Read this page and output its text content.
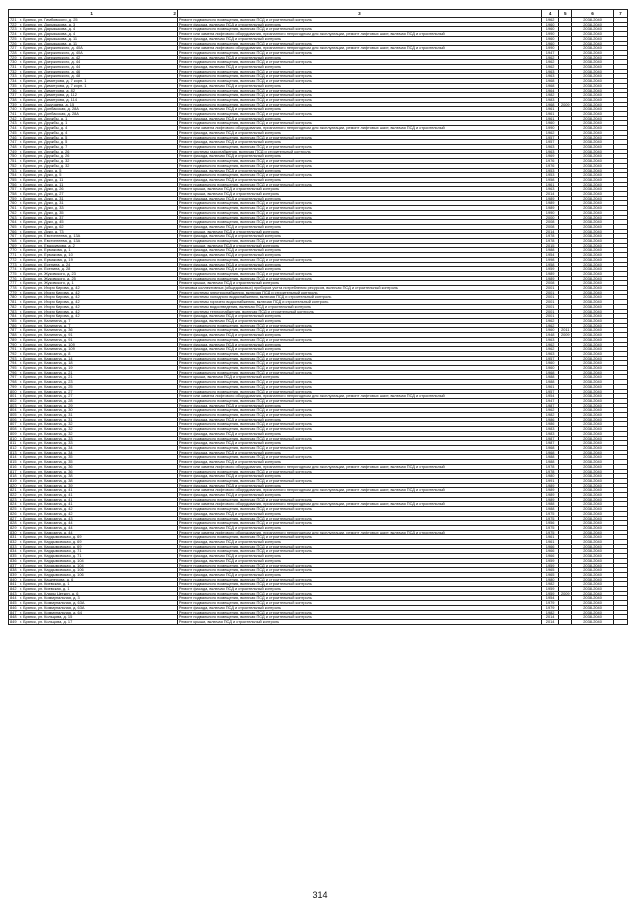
1 2	3	4	5	6	7
721 г. Брянск, ул. Гимбовского, д. 25	Ремонт подвального помещения, включая ПСД и строительный контроль	1962		2038-2040	
722 г. Брянск, ул. Дарьяшкова, д. 3	Ремонт фасада, включая ПСД и строительный контроль	1960		2038-2040	
723 г. Брянск, ул. Дарьяшкова, д. 4	Ремонт подвального помещения, включая ПСД и строительный контроль	1960		2038-2040	
724 г. Брянск, ул. Дарьяшкова, д. 4	Ремонт или замена лифтового оборудования, признанного непригодным для эксплуатации, ремонт лифтовых шахт, включая ПСД и строительный	1990		2038-2040	
725 г. Брянск, ул. Дарьяшкова, д. 11	Ремонт фасада, включая ПСД и строительный контроль	1960		2038-2040	
726 г. Брянск, ул. Дарьяшкова, д. 11	Ремонт подвального помещения, включая ПСД и строительный контроль	1960		2038-2040	
727 г. Брянск, ул. Дзержинского, д. 40А	Ремонт или замена лифтового оборудования, признанного непригодным для эксплуатации, ремонт лифтовых шахт, включая ПСД и строительный	1990		2038-2040	
728 г. Брянск, ул. Дзержинского, д. 40А	Ремонт подвального помещения, включая ПСД и строительный контроль	1947		2038-2040	
729 г. Брянск, ул. Дзержинского, д. 42	Ремонт фасада, включая ПСД и строительный контроль	1962		2038-2040	
730 г. Брянск, ул. Дзержинского, д. 44	Ремонт подвального помещения, включая ПСД и строительный контроль	1962		2038-2040	
731 г. Брянск, ул. Дзержинского, д. 44	Ремонт фасада, включая ПСД и строительный контроль	1962		2038-2040	
732 г. Брянск, ул. Дзержинского, д. 46	Ремонт подвального помещения, включая ПСД и строительный контроль	1963		2038-2040	
733 г. Брянск, ул. Дзержинского, д. 48	Ремонт подвального помещения, включая ПСД и строительный контроль	1963		2038-2040	
734 г. Брянск, ул. Димитрова, д. 7 корп. 1	Ремонт подвального помещения, включая ПСД и строительный контроль	1968		2038-2040	
735 г. Брянск, ул. Димитрова, д. 7 корп. 1	Ремонт фасада, включая ПСД и строительный контроль	1968		2038-2040	
736 г. Брянск, ул. Димитрова, д. 82	Ремонт подвального помещения, включая ПСД и строительный контроль	1964		2038-2040	
737 г. Брянск, ул. Димитрова, д. 112	Ремонт подвального помещения, включая ПСД и строительный контроль	1982		2038-2040	
738 г. Брянск, ул. Димитрова, д. 114	Ремонт подвального помещения, включая ПСД и строительный контроль	1983		2038-2040	
739 г. Брянск, ул. Докучаева, д. 15	Ремонт подвального помещения, включая ПСД и строительный контроль	1968	2009	2038-2040	
740 г. Брянск, ул. Донбасская, д. 28А	Ремонт фасада, включая ПСД и строительный контроль	1961		2038-2040	
741 г. Брянск, ул. Донбасская, д. 28А	Ремонт подвального помещения, включая ПСД и строительный контроль	1961		2038-2040	
742 г. Брянск, ул. Дружбы, д. 1	Ремонт фасада, включая ПСД и строительный контроль	1961		2038-2040	
743 г. Брянск, ул. Дружбы, д. 1	Ремонт подвального помещения, включая ПСД и строительный контроль	1960		2038-2040	
744 г. Брянск, ул. Дружбы, д. 4	Ремонт или замена лифтового оборудования, признанного непригодным для эксплуатации, ремонт лифтовых шахт, включая ПСД и строительный	1990		2038-2040	
745 г. Брянск, ул. Дружбы, д. 4	Ремонт фасада, включая ПСД и строительный контроль	1962		2038-2040	
746 г. Брянск, ул. Дружбы, д. 5	Ремонт подвального помещения, включая ПСД и строительный контроль	1957		2038-2040	
747 г. Брянск, ул. Дружбы, д. 5	Ремонт фасада, включая ПСД и строительный контроль	1957		2038-2040	
748 г. Брянск, ул. Дружбы, д. 7	Ремонт подвального помещения, включая ПСД и строительный контроль	1963		2038-2040	
749 г. Брянск, ул. Дружбы, д. 26	Ремонт системы газоснабжения, включая ПСД и строительный контроль	1963		2038-2040	
750 г. Брянск, ул. Дружбы, д. 26	Ремонт фасада, включая ПСД и строительный контроль	1969		2038-2040	
751 г. Брянск, ул. Дружбы, д. 32	Ремонт подвального помещения, включая ПСД и строительный контроль	1976		2038-2040	
752 г. Брянск, ул. Дружбы, д. 32	Ремонт подвального помещения, включая ПСД и строительный контроль	1976		2038-2040	
753 г. Брянск, ул. Дуки, д. 5	Ремонт фасада, включая ПСД и строительный контроль	1953		2038-2040	
754 г. Брянск, ул. Дуки, д. 5	Ремонт подвального помещения, включая ПСД и строительный контроль	1953		2038-2040	
755 г. Брянск, ул. Дуки, д. 11	Ремонт фасада, включая ПСД и строительный контроль	1958		2038-2040	
756 г. Брянск, ул. Дуки, д. 11	Ремонт подвального помещения, включая ПСД и строительный контроль	1961		2038-2040	
757 г. Брянск, ул. Дуки, д. 26	Ремонт крыши, включая ПСД и строительный контроль	1963		2038-2040	
758 г. Брянск, ул. Дуки, д. 27	Ремонт крыши, включая ПСД и строительный контроль	2014		2038-2040	
759 г. Брянск, ул. Дуки, д. 31	Ремонт фасада, включая ПСД и строительный контроль	1989		2038-2040	
760 г. Брянск, ул. Дуки, д. 31	Ремонт подвального помещения, включая ПСД и строительный контроль	1989		2038-2040	
761 г. Брянск, ул. Дуки, д. 33	Ремонт подвального помещения, включая ПСД и строительный контроль	1989		2038-2040	
762 г. Брянск, ул. Дуки, д. 35	Ремонт подвального помещения, включая ПСД и строительный контроль	1990		2038-2040	
763 г. Брянск, ул. Дуки, д. 37	Ремонт подвального помещения, включая ПСД и строительный контроль	2000		2038-2040	
764 г. Брянск, ул. Дуки, д. 45	Ремонт подвального помещения, включая ПСД и строительный контроль	2008		2038-2040	
765 г. Брянск, ул. Дуки, д. 62	Ремонт фасада, включая ПСД и строительный контроль	2008		2038-2040	
766 г. Брянск, ул. Дуки, д. 73	Ремонт крыши, включая ПСД и строительный контроль	2014		2038-2040	
767 г. Брянск, ул. Евстигнеева, д. 13А	Ремонт фасада, включая ПСД и строительный контроль	1978		2038-2040	
768 г. Брянск, ул. Евстигнеева, д. 13А	Ремонт подвального помещения, включая ПСД и строительный контроль	1978		2038-2040	
769 г. Брянск, ул. Евдокимова, д. 2	Ремонт крыши, включая ПСД и строительный контроль	2015		2038-2040	
770 г. Брянск, ул. Ермакова, д. 1	Ремонт фасада, включая ПСД и строительный контроль	1988		2038-2040	
771 г. Брянск, ул. Ермакова, д. 10	Ремонт фасада, включая ПСД и строительный контроль	1954		2038-2040	
772 г. Брянск, ул. Ермакова, д. 19	Ремонт подвального помещения, включая ПСД и строительный контроль	1998		2038-2040	
773 г. Брянск, ул. Есенина, д. 24	Ремонт фасада, включая ПСД и строительный контроль	1958		2038-2040	
774 г. Брянск, ул. Есенина, д. 28	Ремонт фасада, включая ПСД и строительный контроль	1959		2038-2040	
775 г. Брянск, ул. Жуковского, д. 23	Ремонт подвального помещения, включая ПСД и строительный контроль	1989		2038-2040	
776 г. Брянск, ул. Жуковского, д. 25	Ремонт подвального помещения, включая ПСД и строительный контроль	1989		2038-2040	
777 г. Брянск, ул. Жуковского, д. 1	Ремонт крыши, включая ПСД и строительный контроль	2008		2038-2040	
778 г. Брянск, ул. Игоря Кирова, д. 42	Установка коллективных (общедомовых) приборов учета потребления ресурсов, включая ПСД и строительный контроль	2001		2038-2040	
779 г. Брянск, ул. Игоря Кирова, д. 42	Ремонт системы электроснабжения, включая ПСД и строительный контроль	2001		2038-2040	
780 г. Брянск, ул. Игоря Кирова, д. 42	Ремонт системы холодного водоснабжения, включая ПСД и строительный контроль	2001		2038-2040	
781 г. Брянск, ул. Игоря Кирова, д. 42	Ремонт системы горячего водоснабжения, включая ПСД и строительный контроль	2001		2038-2040	
782 г. Брянск, ул. Игоря Кирова, д. 42	Ремонт системы водоотведения, включая ПСД и строительный контроль	2001		2038-2040	
783 г. Брянск, ул. Игоря Кирова, д. 42	Ремонт системы теплоснабжения, включая ПСД и строительный контроль	2001		2038-2040	
784 г. Брянск, ул. Игоря Кирова, д. 42	Ремонт фасада, включая ПСД и строительный контроль	2001		2038-2040	
785 г. Брянск, ул. Калинина, д. 7	Ремонт фасада, включая ПСД и строительный контроль	1962		2038-2040	
786 г. Брянск, ул. Калинина, д. 7	Ремонт подвального помещения, включая ПСД и строительный контроль	1962		2038-2040	
787 г. Брянск, ул. Калинина, д. 36	Ремонт подвального помещения, включая ПСД и строительный контроль	1960	2011	2038-2040	
788 г. Брянск, ул. Калинина, д. 91	Ремонт фасада, включая ПСД и строительный контроль	1948	2009	2038-2040	
789 г. Брянск, ул. Калинина, д. 91	Ремонт подвального помещения, включая ПСД и строительный контроль	1963		2038-2040	
790 г. Брянск, ул. Калинина, д. 109	Ремонт фасада, включая ПСД и строительный контроль	1962		2038-2040	
791 г. Брянск, ул. Калинина, д. 109	Ремонт фасада, включая ПСД и строительный контроль	1962		2038-2040	
792 г. Брянск, ул. Камозина, д. 8	Ремонт подвального помещения, включая ПСД и строительный контроль	1963		2038-2040	
793 г. Брянск, ул. Камозина, д. 14	Ремонт подвального помещения, включая ПСД и строительный контроль	1957		2038-2040	
794 г. Брянск, ул. Камозина, д. 18	Ремонт подвального помещения, включая ПСД и строительный контроль	1960		2038-2040	
795 г. Брянск, ул. Камозина, д. 19	Ремонт подвального помещения, включая ПСД и строительный контроль	1960		2038-2040	
796 г. Брянск, ул. Камозина, д. 21	Ремонт подвального помещения, включая ПСД и строительный контроль	1968		2038-2040	
797 г. Брянск, ул. Камозина, д. 21	Ремонт крыши, включая ПСД и строительный контроль	1988		2038-2040	
798 г. Брянск, ул. Камозина, д. 23	Ремонт подвального помещения, включая ПСД и строительный контроль	1988		2038-2040	
799 г. Брянск, ул. Камозина, д. 25	Ремонт подвального помещения, включая ПСД и строительный контроль	1961		2038-2040	
800 г. Брянск, ул. Камозина, д. 27	Ремонт подвального помещения, включая ПСД и строительный контроль	1957		2038-2040	
801 г. Брянск, ул. Камозина, д. 27	Ремонт или замена лифтового оборудования, признанного непригодным для эксплуатации, ремонт лифтовых шахт, включая ПСД и строительный	1954		2038-2040	
802 г. Брянск, ул. Камозина, д. 28	Ремонт подвального помещения, включая ПСД и строительный контроль	1947		2038-2040	
803 г. Брянск, ул. Камозина, д. 29	Ремонт фасада, включая ПСД и строительный контроль	1987		2038-2040	
804 г. Брянск, ул. Камозина, д. 30	Ремонт подвального помещения, включая ПСД и строительный контроль	1962		2038-2040	
805 г. Брянск, ул. Камозина, д. 31	Ремонт подвального помещения, включая ПСД и строительный контроль	1982		2038-2040	
806 г. Брянск, ул. Камозина, д. 31	Ремонт фасада, включая ПСД и строительный контроль	1986		2038-2040	
807 г. Брянск, ул. Камозина, д. 32	Ремонт подвального помещения, включая ПСД и строительный контроль	1986		2038-2040	
808 г. Брянск, ул. Камозина, д. 32	Ремонт подвального помещения, включая ПСД и строительный контроль	1983		2038-2040	
809 г. Брянск, ул. Камозина, д. 32	Ремонт фасада, включая ПСД и строительный контроль	1983		2038-2040	
810 г. Брянск, ул. Камозина, д. 33	Ремонт подвального помещения, включая ПСД и строительный контроль	1987		2038-2040	
811 г. Брянск, ул. Камозина, д. 33	Ремонт фасада, включая ПСД и строительный контроль	1987		2038-2040	
812 г. Брянск, ул. Камозина, д. 34	Ремонт подвального помещения, включая ПСД и строительный контроль	1968		2038-2040	
813 г. Брянск, ул. Камозина, д. 34	Ремонт фасада, включая ПСД и строительный контроль	1968		2038-2040	
814 г. Брянск, ул. Камозина, д. 35	Ремонт подвального помещения, включая ПСД и строительный контроль	1988		2038-2040	
815 г. Брянск, ул. Камозина, д. 35	Ремонт фасада, включая ПСД и строительный контроль	1988		2038-2040	
816 г. Брянск, ул. Камозина, д. 36	Ремонт или замена лифтового оборудования, признанного непригодным для эксплуатации, ремонт лифтовых шахт, включая ПСД и строительный	1978		2038-2040	
817 г. Брянск, ул. Камозина, д. 36	Ремонт подвального помещения, включая ПСД и строительный контроль	1978		2038-2040	
818 г. Брянск, ул. Камозина, д. 38	Ремонт фасада, включая ПСД и строительный контроль	1980		2038-2040	
819 г. Брянск, ул. Камозина, д. 38	Ремонт подвального помещения, включая ПСД и строительный контроль	1991		2038-2040	
820 г. Брянск, ул. Камозина, д. 39	Ремонт фасада, включая ПСД и строительный контроль	1989		2038-2040	
821 г. Брянск, ул. Камозина, д. 41	Ремонт или замена лифтового оборудования, признанного непригодным для эксплуатации, ремонт лифтовых шахт, включая ПСД и строительный	1989		2038-2040	
822 г. Брянск, ул. Камозина, д. 41	Ремонт фасада, включая ПСД и строительный контроль	1989		2038-2040	
823 г. Брянск, ул. Камозина, д. 41	Ремонт подвального помещения, включая ПСД и строительный контроль	1989		2038-2040	
824 г. Брянск, ул. Камозина, д. 41	Ремонт или замена лифтового оборудования, признанного непригодным для эксплуатации, ремонт лифтовых шахт, включая ПСД и строительный	1988		2038-2040	
825 г. Брянск, ул. Камозина, д. 42	Ремонт подвального помещения, включая ПСД и строительный контроль	1988		2038-2040	
826 г. Брянск, ул. Камозина, д. 42	Ремонт фасада, включая ПСД и строительный контроль	1975		2038-2040	
827 г. Брянск, ул. Камозина, д. 43	Ремонт подвального помещения, включая ПСД и строительный контроль	1975		2038-2040	
828 г. Брянск, ул. Камозина, д. 44	Ремонт подвального помещения, включая ПСД и строительный контроль	1956		2038-2040	
829 г. Брянск, ул. Камозина, д. 44	Ремонт фасада, включая ПСД и строительный контроль	1975		2038-2040	
830 г. Брянск, ул. Камозина, д. 44	Ремонт или замена лифтового оборудования, признанного непригодным для эксплуатации, ремонт лифтовых шахт, включая ПСД и строительный	1975		2038-2040	
831 г. Брянск, ул. Кардымовская, д. 69	Ремонт подвального помещения, включая ПСД и строительный контроль	1961		2038-2040	
832 г. Брянск, ул. Кардымовская, д. 69	Ремонт фасада, включая ПСД и строительный контроль	1961		2038-2040	
833 г. Брянск, ул. Кардымовская, д. 69	Ремонт подвального помещения, включая ПСД и строительный контроль	1966		2038-2040	
834 г. Брянск, ул. Кардымовская, д. 71	Ремонт подвального помещения, включая ПСД и строительный контроль	1966		2038-2040	
835 г. Брянск, ул. Кардымовская, д. 71	Ремонт фасада, включая ПСД и строительный контроль	1966		2038-2040	
836 г. Брянск, ул. Кардымовская, д. 104	Ремонт фасада, включая ПСД и строительный контроль	1959		2038-2040	
837 г. Брянск, ул. Кардымовская, д. 104	Ремонт подвального помещения, включая ПСД и строительный контроль	1959		2038-2040	
838 г. Брянск, ул. Кардымовская, д. 106	Ремонт подвального помещения, включая ПСД и строительный контроль	1965		2038-2040	
839 г. Брянск, ул. Кардымовская, д. 106	Ремонт фасада, включая ПСД и строительный контроль	1965		2038-2040	
840 г. Брянск, ул. Кашперова, д. 6	Ремонт подвального помещения, включая ПСД и строительный контроль	1980		2038-2040	
841 г. Брянск, ул. Киевская, д. 1	Ремонт подвального помещения, включая ПСД и строительный контроль	1982		2038-2040	
842 г. Брянск, ул. Киевская, д. 1	Ремонт фасада, включая ПСД и строительный контроль	1959		2038-2040	
843 г. Брянск, ул. Клары Цеткин, д. 6	Ремонт подвального помещения, включая ПСД и строительный контроль	1959	2009	2038-2040	
844 г. Брянск, ул. Коммунальная, д. 3	Ремонт подвального помещения, включая ПСД и строительный контроль	1954		2038-2040	
845 г. Брянск, ул. Коммунальная, д. 63А	Ремонт подвального помещения, включая ПСД и строительный контроль	1979		2038-2040	
846 г. Брянск, ул. Коммунальная, д. 63А	Ремонт фасада, включая ПСД и строительный контроль	1979		2038-2040	
847 г. Брянск, ул. Коммунальная, д. 64	Ремонт подвального помещения, включая ПСД и строительный контроль	1982		2038-2040	
848 г. Брянск, ул. Кольцова, д. 15	Ремонт подвального помещения, включая ПСД и строительный контроль	2014		2038-2040	
849 г. Брянск, ул. Кольцова, д. 17	Ремонт крыши, включая ПСД и строительный контроль	2014		2038-2040	
314
